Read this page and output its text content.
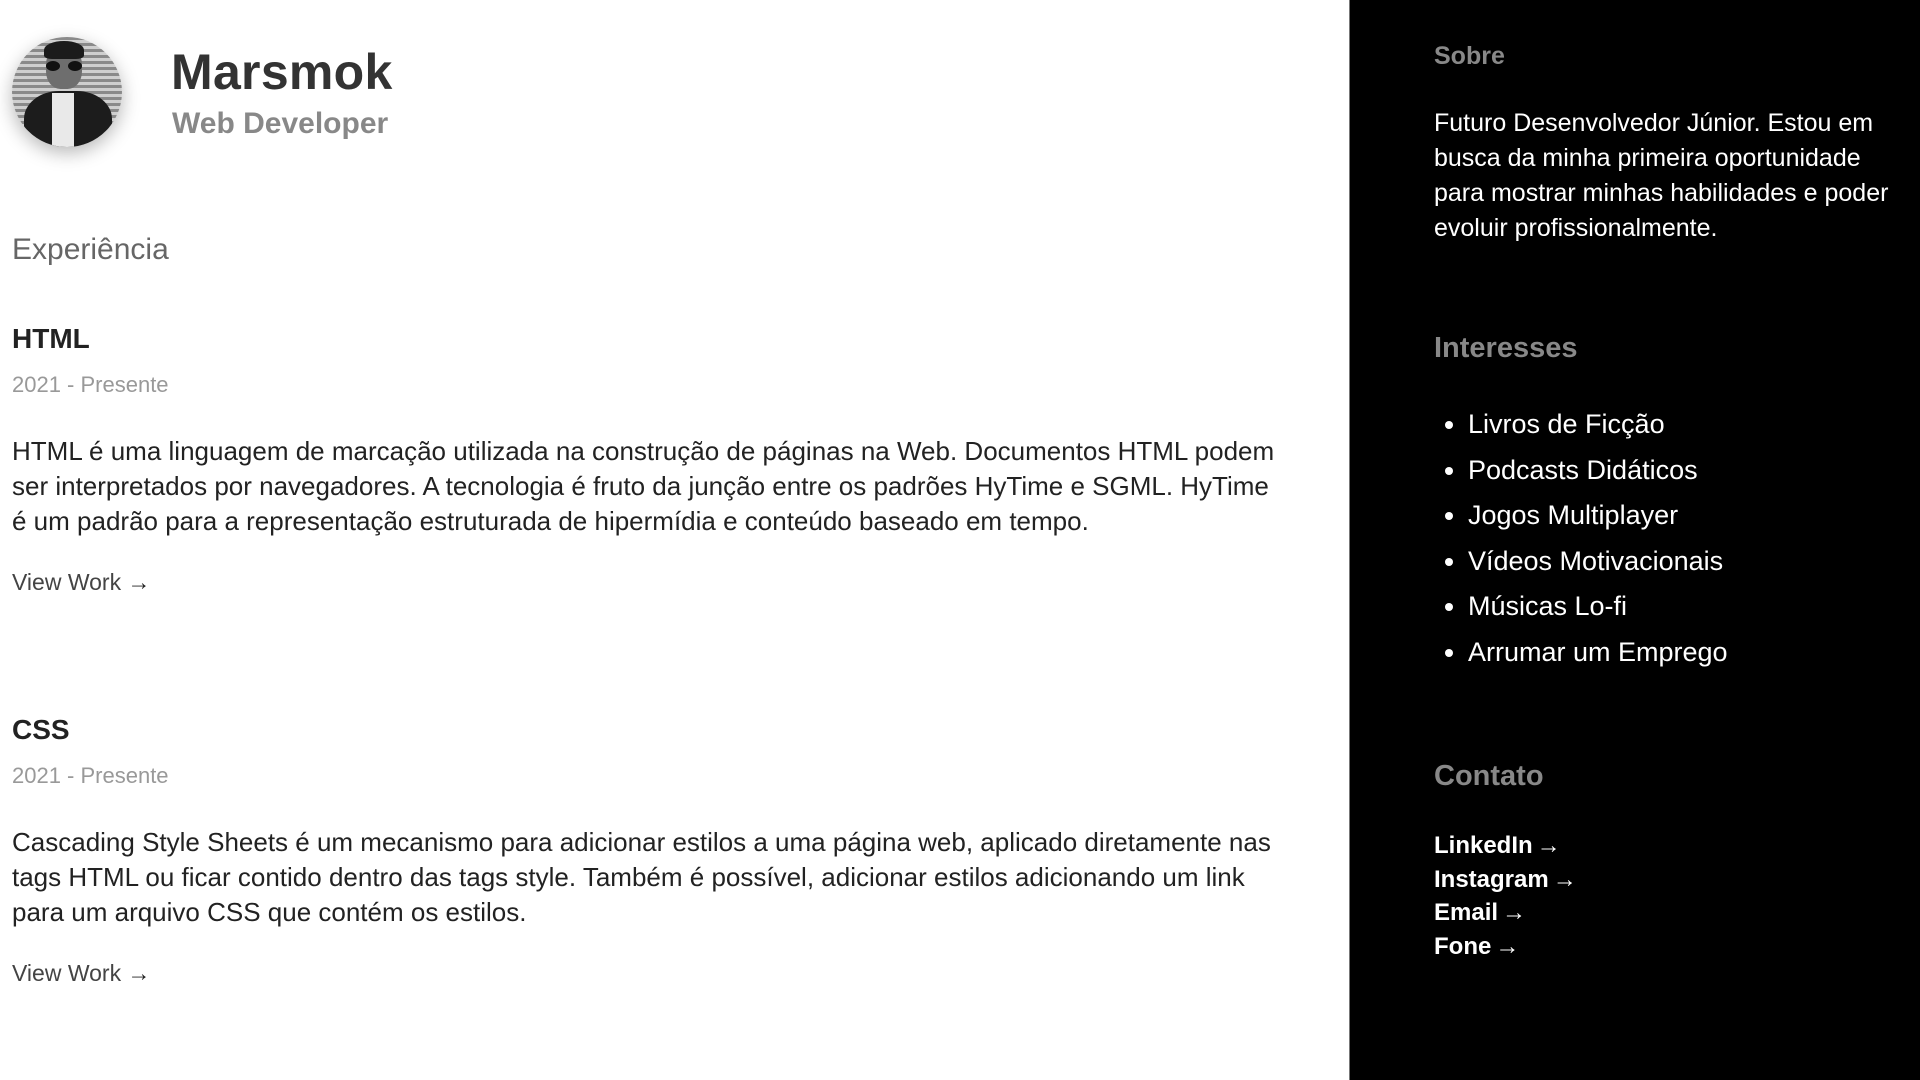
Marsmok
Web Developer
Experiência
HTML
2021 - Presente

HTML é uma linguagem de marcação utilizada na construção de páginas na Web. Documentos HTML podem ser interpretados por navegadores. A tecnologia é fruto da junção entre os padrões HyTime e SGML. HyTime é um padrão para a representação estruturada de hipermídia e conteúdo baseado em tempo.

View Work →
CSS
2021 - Presente

Cascading Style Sheets é um mecanismo para adicionar estilos a uma página web, aplicado diretamente nas tags HTML ou ficar contido dentro das tags style. Também é possível, adicionar estilos adicionando um link para um arquivo CSS que contém os estilos.

View Work →
Sobre
Futuro Desenvolvedor Júnior. Estou em
busca da minha primeira oportunidade
para mostrar minhas habilidades e poder
evoluir profissionalmente.
Interesses
Livros de Ficção
Podcasts Didáticos
Jogos Multiplayer
Vídeos Motivacionais
Músicas Lo-fi
Arrumar um Emprego
Contato
LinkedIn →
Instagram →
Email →
Fone →
